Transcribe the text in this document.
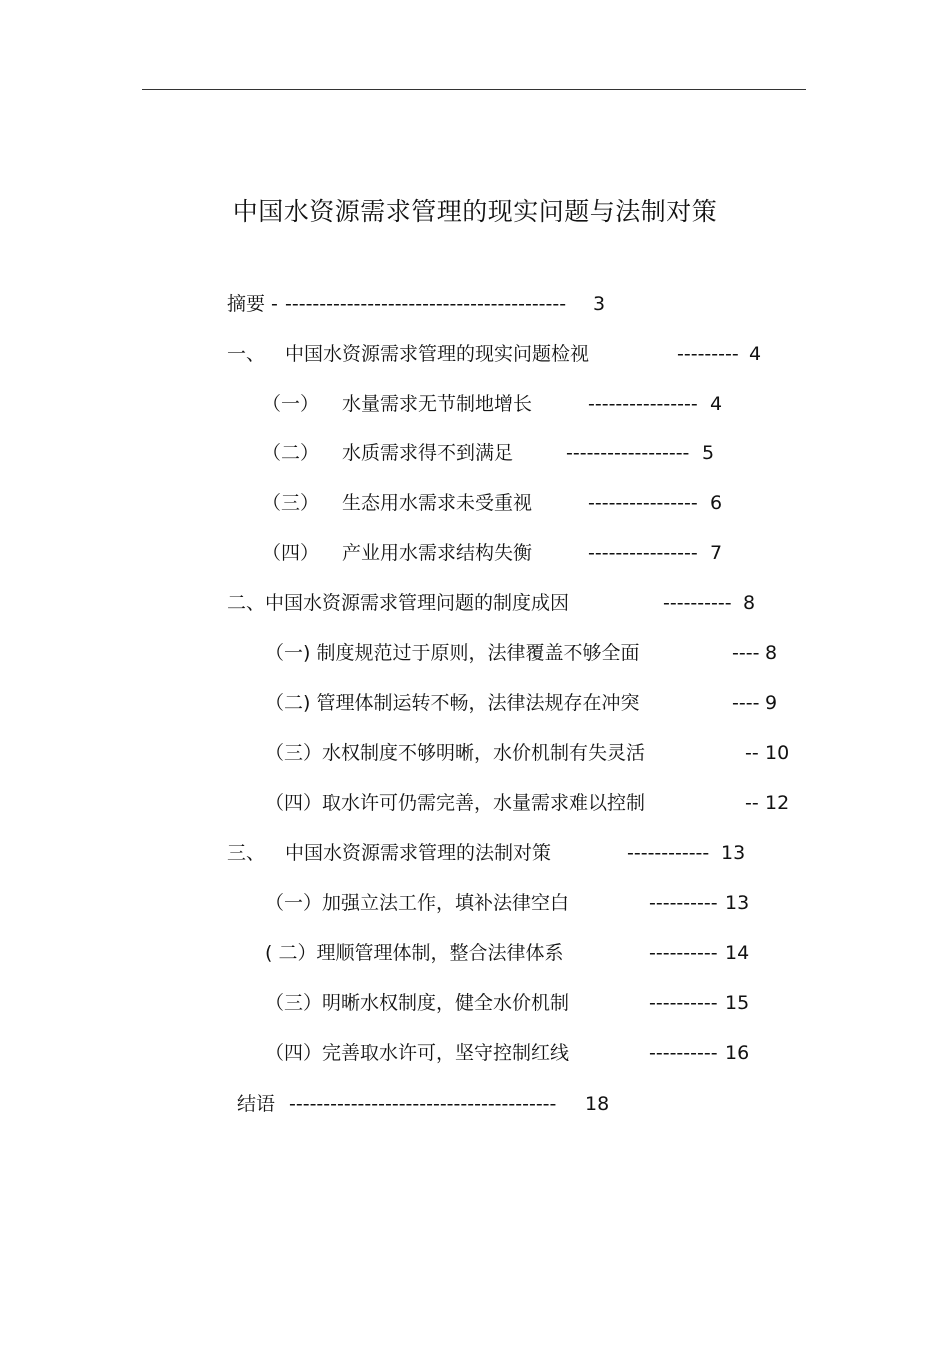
中国水资源需求管理的现实问题与法制对策
摘要 - ----------------------------------------- 3
一、 中国水资源需求管理的现实问题检视	--------- 4
（一） 水量需求无节制地增长	---------------- 4
（二） 水质需求得不到满足	------------------ 5
（三） 生态用水需求未受重视	---------------- 6
（四） 产业用水需求结构失衡	---------------- 7
二、中国水资源需求管理问题的制度成因	---------- 8
（一) 制度规范过于原则，法律覆盖不够全面	---- 8
（二) 管理体制运转不畅，法律法规存在冲突	---- 9
（三）水权制度不够明晰，水价机制有失灵活	-- 10
（四）取水许可仍需完善，水量需求难以控制	-- 12
三、 中国水资源需求管理的法制对策	------------ 13
（一）加强立法工作，填补法律空白	---------- 13
( 二）理顺管理体制，整合法律体系	---------- 14
（三）明晰水权制度，健全水价机制	---------- 15
（四）完善取水许可，坚守控制红线	---------- 16
结语 --------------------------------------- 18
